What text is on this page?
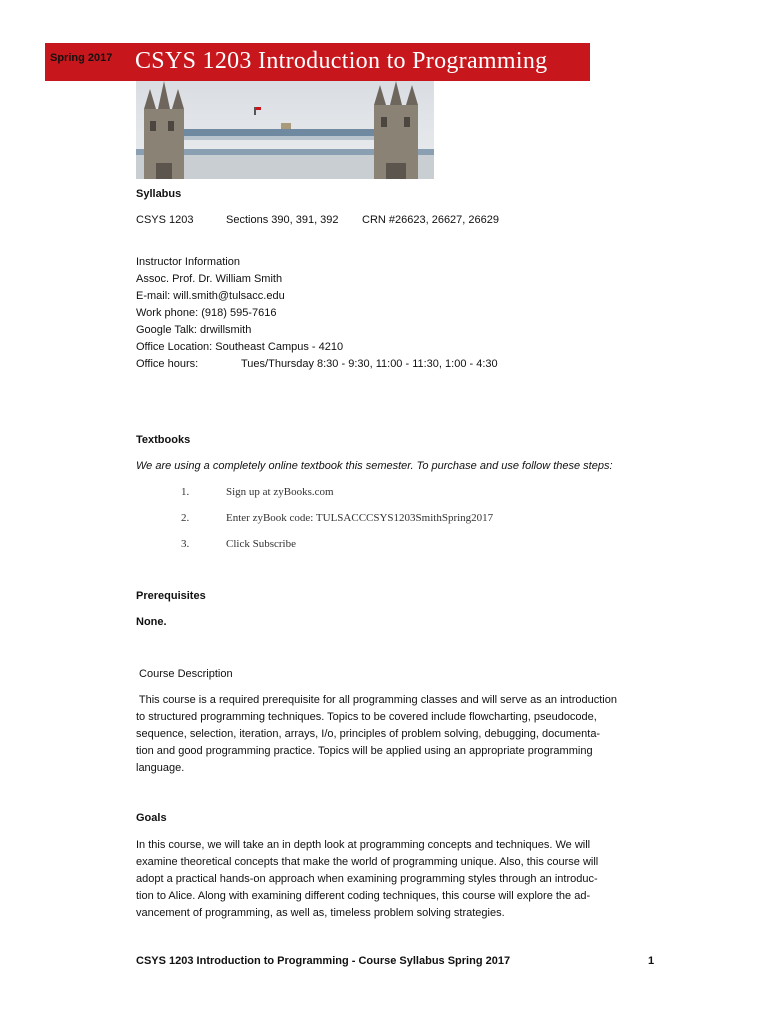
Spring 2017 CSYS 1203 Introduction to Programming
Syllabus
CSYS 1203	Sections 390, 391, 392 CRN #26623, 26627, 26629
Instructor Information
Assoc. Prof. Dr. William Smith
E-mail: will.smith@tulsacc.edu
Work phone: (918) 595-7616
Google Talk: drwillsmith
Office Location: Southeast Campus - 4210
Office hours:	Tues/Thursday 8:30 - 9:30, 11:00 - 11:30, 1:00 - 4:30
Textbooks
We are using a completely online textbook this semester. To purchase and use follow these steps:
1.	Sign up at zyBooks.com
2.	Enter zyBook code: TULSACCCSYS1203SmithSpring2017
3.	Click Subscribe
Prerequisites
None.
Course Description
This course is a required prerequisite for all programming classes and will serve as an introduction
to structured programming techniques. Topics to be covered include flowcharting, pseudocode,
sequence, selection, iteration, arrays, I/o, principles of problem solving, debugging, documenta-
tion and good programming practice. Topics will be applied using an appropriate programming
language.
Goals
In this course, we will take an in depth look at programming concepts and techniques. We will
examine theoretical concepts that make the world of programming unique. Also, this course will
adopt a practical hands-on approach when examining programming styles through an introduc-
tion to Alice. Along with examining different coding techniques, this course will explore the ad-
vancement of programming, as well as, timeless problem solving strategies.
CSYS 1203 Introduction to Programming - Course Syllabus Spring 2017	1
